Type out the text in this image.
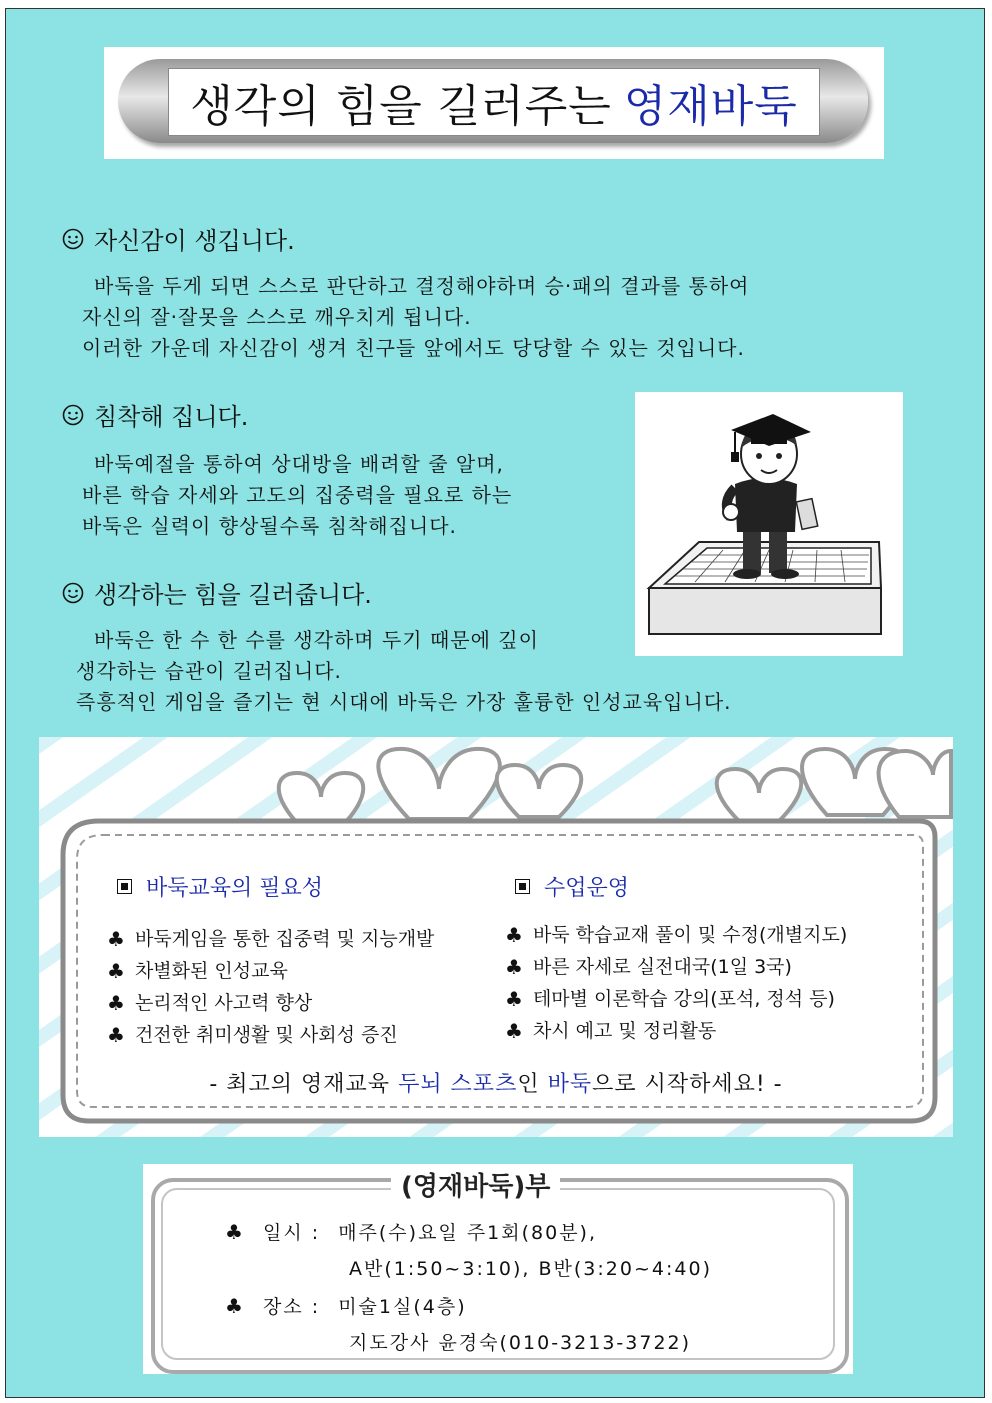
생각의 힘을 길러주는 영재바둑
자신감이 생깁니다.
바둑을 두게 되면 스스로 판단하고 결정해야하며 승·패의 결과를 통하여
자신의 잘·잘못을 스스로 깨우치게 됩니다.
이러한 가운데 자신감이 생겨 친구들 앞에서도 당당할 수 있는 것입니다.
침착해 집니다.
바둑예절을 통하여 상대방을 배려할 줄 알며,
바른 학습 자세와 고도의 집중력을 필요로 하는
바둑은 실력이 향상될수록 침착해집니다.
생각하는 힘을 길러줍니다.
바둑은 한 수 한 수를 생각하며 두기 때문에 깊이
생각하는 습관이 길러집니다.
즉흥적인 게임을 즐기는 현 시대에 바둑은 가장 훌륭한 인성교육입니다.
바둑교육의 필요성
♣ 바둑게임을 통한 집중력 및 지능개발
♣ 차별화된 인성교육
♣ 논리적인 사고력 향상
♣ 건전한 취미생활 및 사회성 증진
수업운영
♣ 바둑 학습교재 풀이 및 수정(개별지도)
♣ 바른 자세로 실전대국(1일 3국)
♣ 테마별 이론학습 강의(포석, 정석 등)
♣ 차시 예고 및 정리활동
- 최고의 영재교육 두뇌 스포츠인 바둑으로 시작하세요! -
(영재바둑)부
♣ 일시 : 매주(수)요일 주1회(80분),
A반(1:50~3:10), B반(3:20~4:40)
♣ 장소 : 미술1실(4층)
지도강사 윤경숙(010-3213-3722)
